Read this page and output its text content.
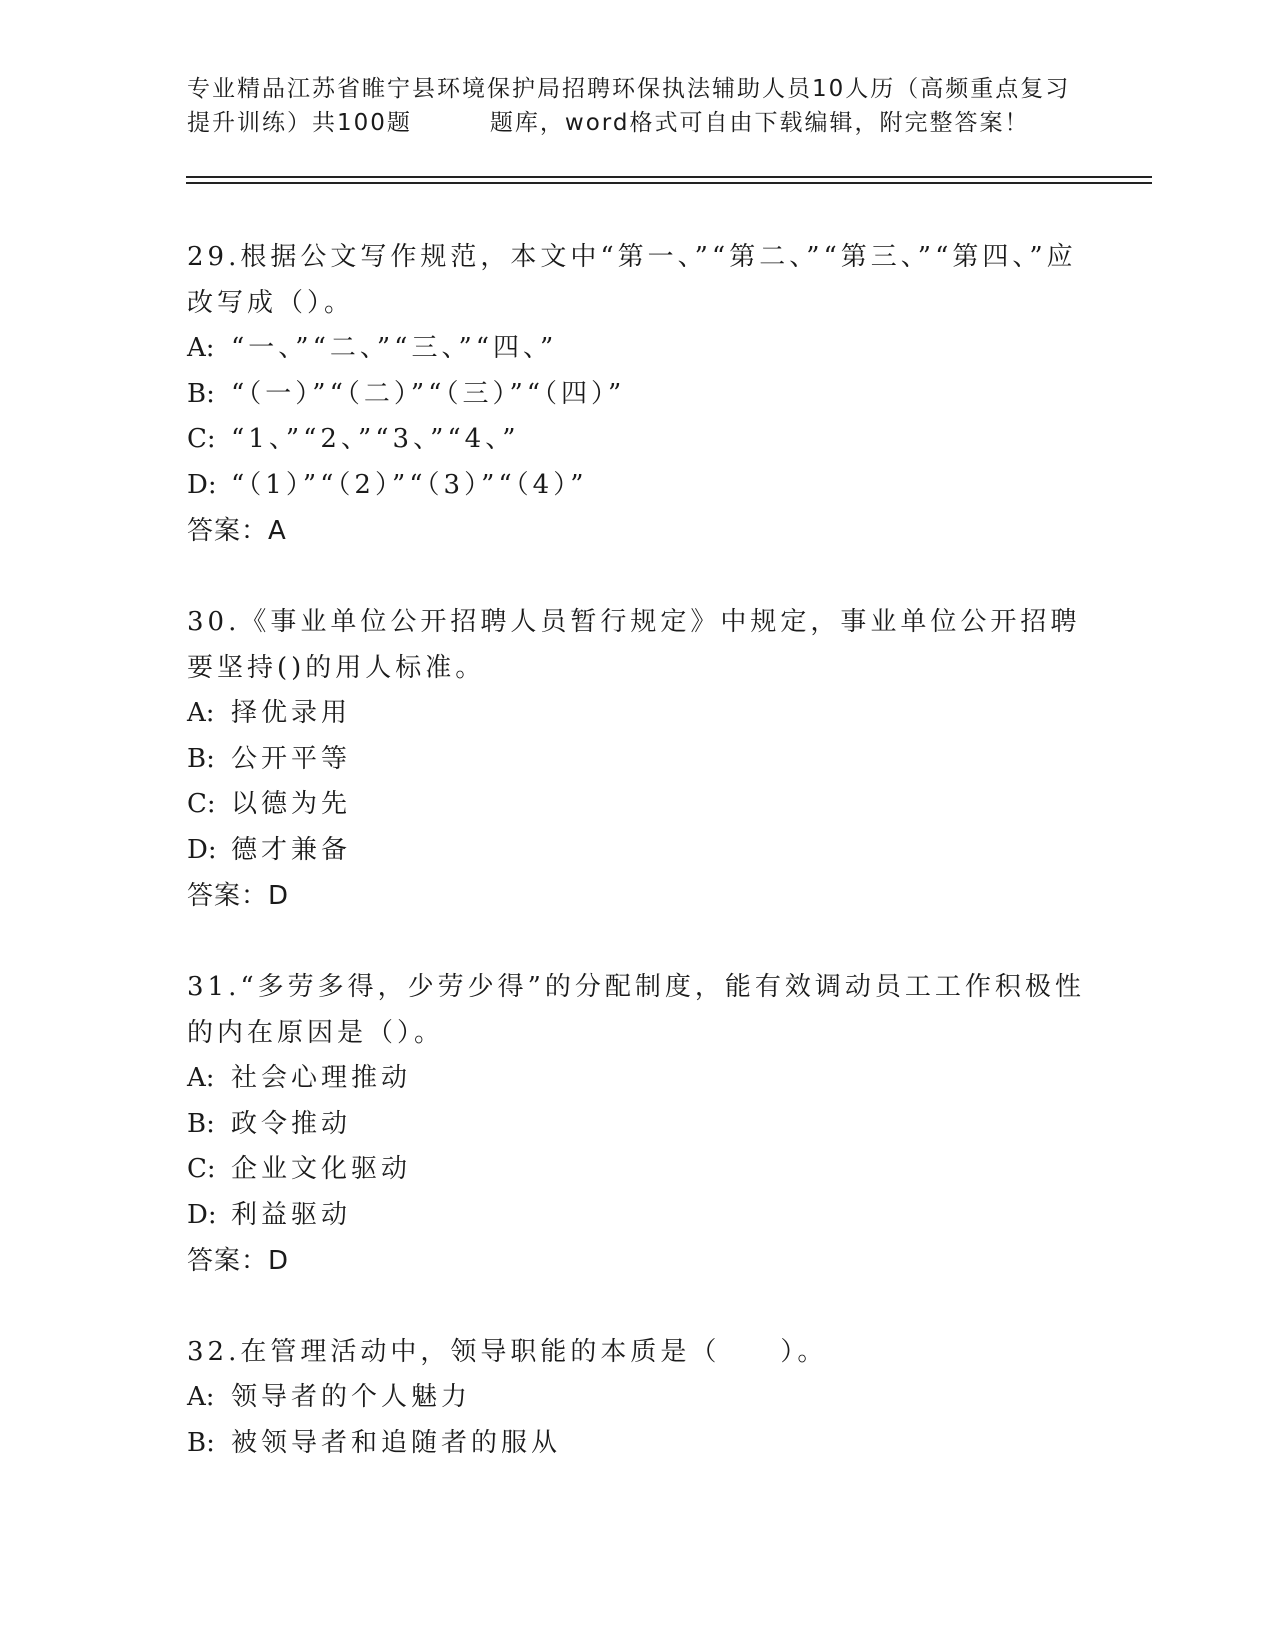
专业精品江苏省睢宁县环境保护局招聘环保执法辅助人员10人历（高频重点复习
提升训练）共100题	题库，word格式可自由下载编辑，附完整答案！
29.根据公文写作规范，本文中“第一、”“第二、”“第三、”“第四、”应改写成（）。
A: “一、”“二、”“三、”“四、”
B: “（一）”“（二）”“（三）”“（四）”
C: “1、”“2、”“3、”“4、”
D: “（1）”“（2）”“（3）”“（4）”
答案：A
30.《事业单位公开招聘人员暂行规定》中规定，事业单位公开招聘要坚持()的用人标准。
A: 择优录用
B: 公开平等
C: 以德为先
D: 德才兼备
答案：D
31.“多劳多得，少劳少得”的分配制度，能有效调动员工工作积极性的内在原因是（）。
A: 社会心理推动
B: 政令推动
C: 企业文化驱动
D: 利益驱动
答案：D
32.在管理活动中，领导职能的本质是（　　）。
A: 领导者的个人魅力
B: 被领导者和追随者的服从
